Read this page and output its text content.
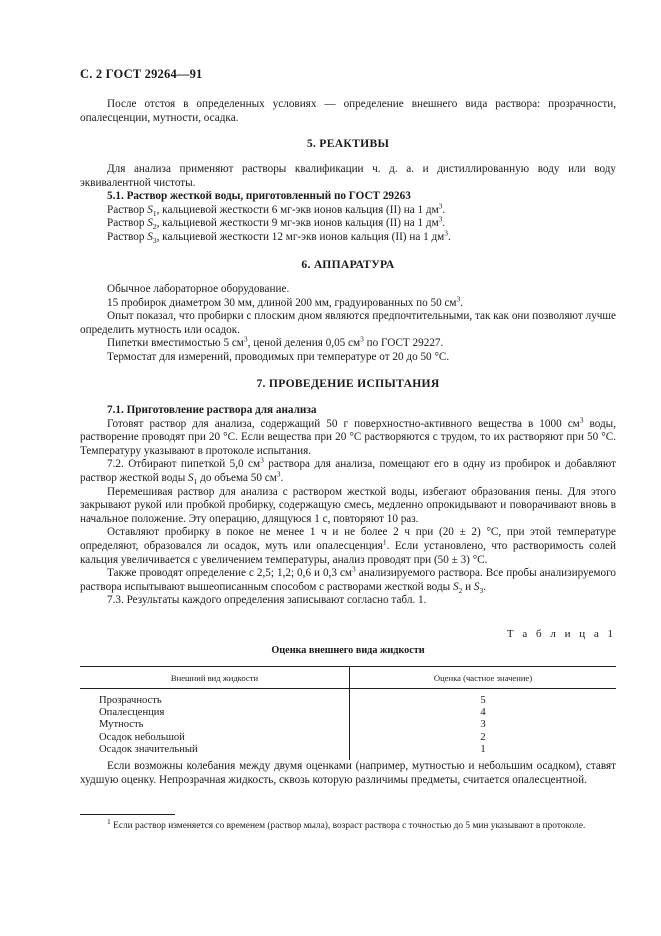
С. 2 ГОСТ 29264—91

После отстоя в определенных условиях — определение внешнего вида раствора: прозрачности, опалесценции, мутности, осадка.

5. РЕАКТИВЫ

Для анализа применяют растворы квалификации ч. д. а. и дистиллированную воду или воду эквивалентной чистоты.

5.1. Раствор жесткой воды, приготовленный по ГОСТ 29263

Раствор $S_1$, кальциевой жесткости 6 мг-экв ионов кальция (II) на 1 $дм^3$.

Раствор $S_2$, кальциевой жесткости 9 мг-экв ионов кальция (II) на 1 $дм^3$.

Раствор $S_3$, кальциевой жесткости 12 мг-экв ионов кальция (II) на 1 $дм^3$.

6. АППАРАТУРА

Обычное лабораторное оборудование.

15 пробирок диаметром 30 мм, длиной 200 мм, градуированных по 50 $см^3$.

Опыт показал, что пробирки с плоским дном являются предпочтительными, так как они позволяют лучше определить мутность или осадок.

Пипетки вместимостью 5 $см^3$, ценой деления 0,05 $см^3$ по ГОСТ 29227.

Термостат для измерений, проводимых при температуре от 20 до 50 °С.

7. ПРОВЕДЕНИЕ ИСПЫТАНИЯ

7.1. Приготовление раствора для анализа

Готовят раствор для анализа, содержащий 50 г поверхностно-активного вещества в 1000 $см^3$ воды, растворение проводят при 20 °С. Если вещества при 20 °С растворяются с трудом, то их растворяют при 50 °С. Температуру указывают в протоколе испытания.

7.2. Отбирают пипеткой 5,0 $см^3$ раствора для анализа, помещают его в одну из пробирок и добавляют раствор жесткой воды $S_1$ до объема 50 $см^3$.

Перемешивая раствор для анализа с раствором жесткой воды, избегают образования пены. Для этого закрывают рукой или пробкой пробирку, содержащую смесь, медленно опрокидывают и поворачивают вновь в начальное положение. Эту операцию, длящуюся 1 с, повторяют 10 раз.

Оставляют пробирку в покое не менее 1 ч и не более 2 ч при (20 ± 2) °С, при этой температуре определяют, образовался ли осадок, муть или опалесценция$^1$. Если установлено, что растворимость солей кальция увеличивается с увеличением температуры, анализ проводят при (50 ± 3) °С.

Также проводят определение с 2,5; 1,2; 0,6 и 0,3 $см^3$ анализируемого раствора. Все пробы анализируемого раствора испытывают вышеописанным способом с растворами жесткой воды $S_2$ и $S_3$.

7.3. Результаты каждого определения записывают согласно табл. 1.

Т а б л и ц а 1
Оценка внешнего вида жидкости
Внешний вид жидкости	Оценка (частное значение)
Прозрачность	5
Опалесценция	4
Мутность	3
Осадок небольшой	2
Осадок значительный	1

Если возможны колебания между двумя оценками (например, мутностью и небольшим осадком), ставят худшую оценку. Непрозрачная жидкость, сквозь которую различимы предметы, считается опалесцентной.

$^1$ Если раствор изменяется со временем (раствор мыла), возраст раствора с точностью до 5 мин указывают в протоколе.
